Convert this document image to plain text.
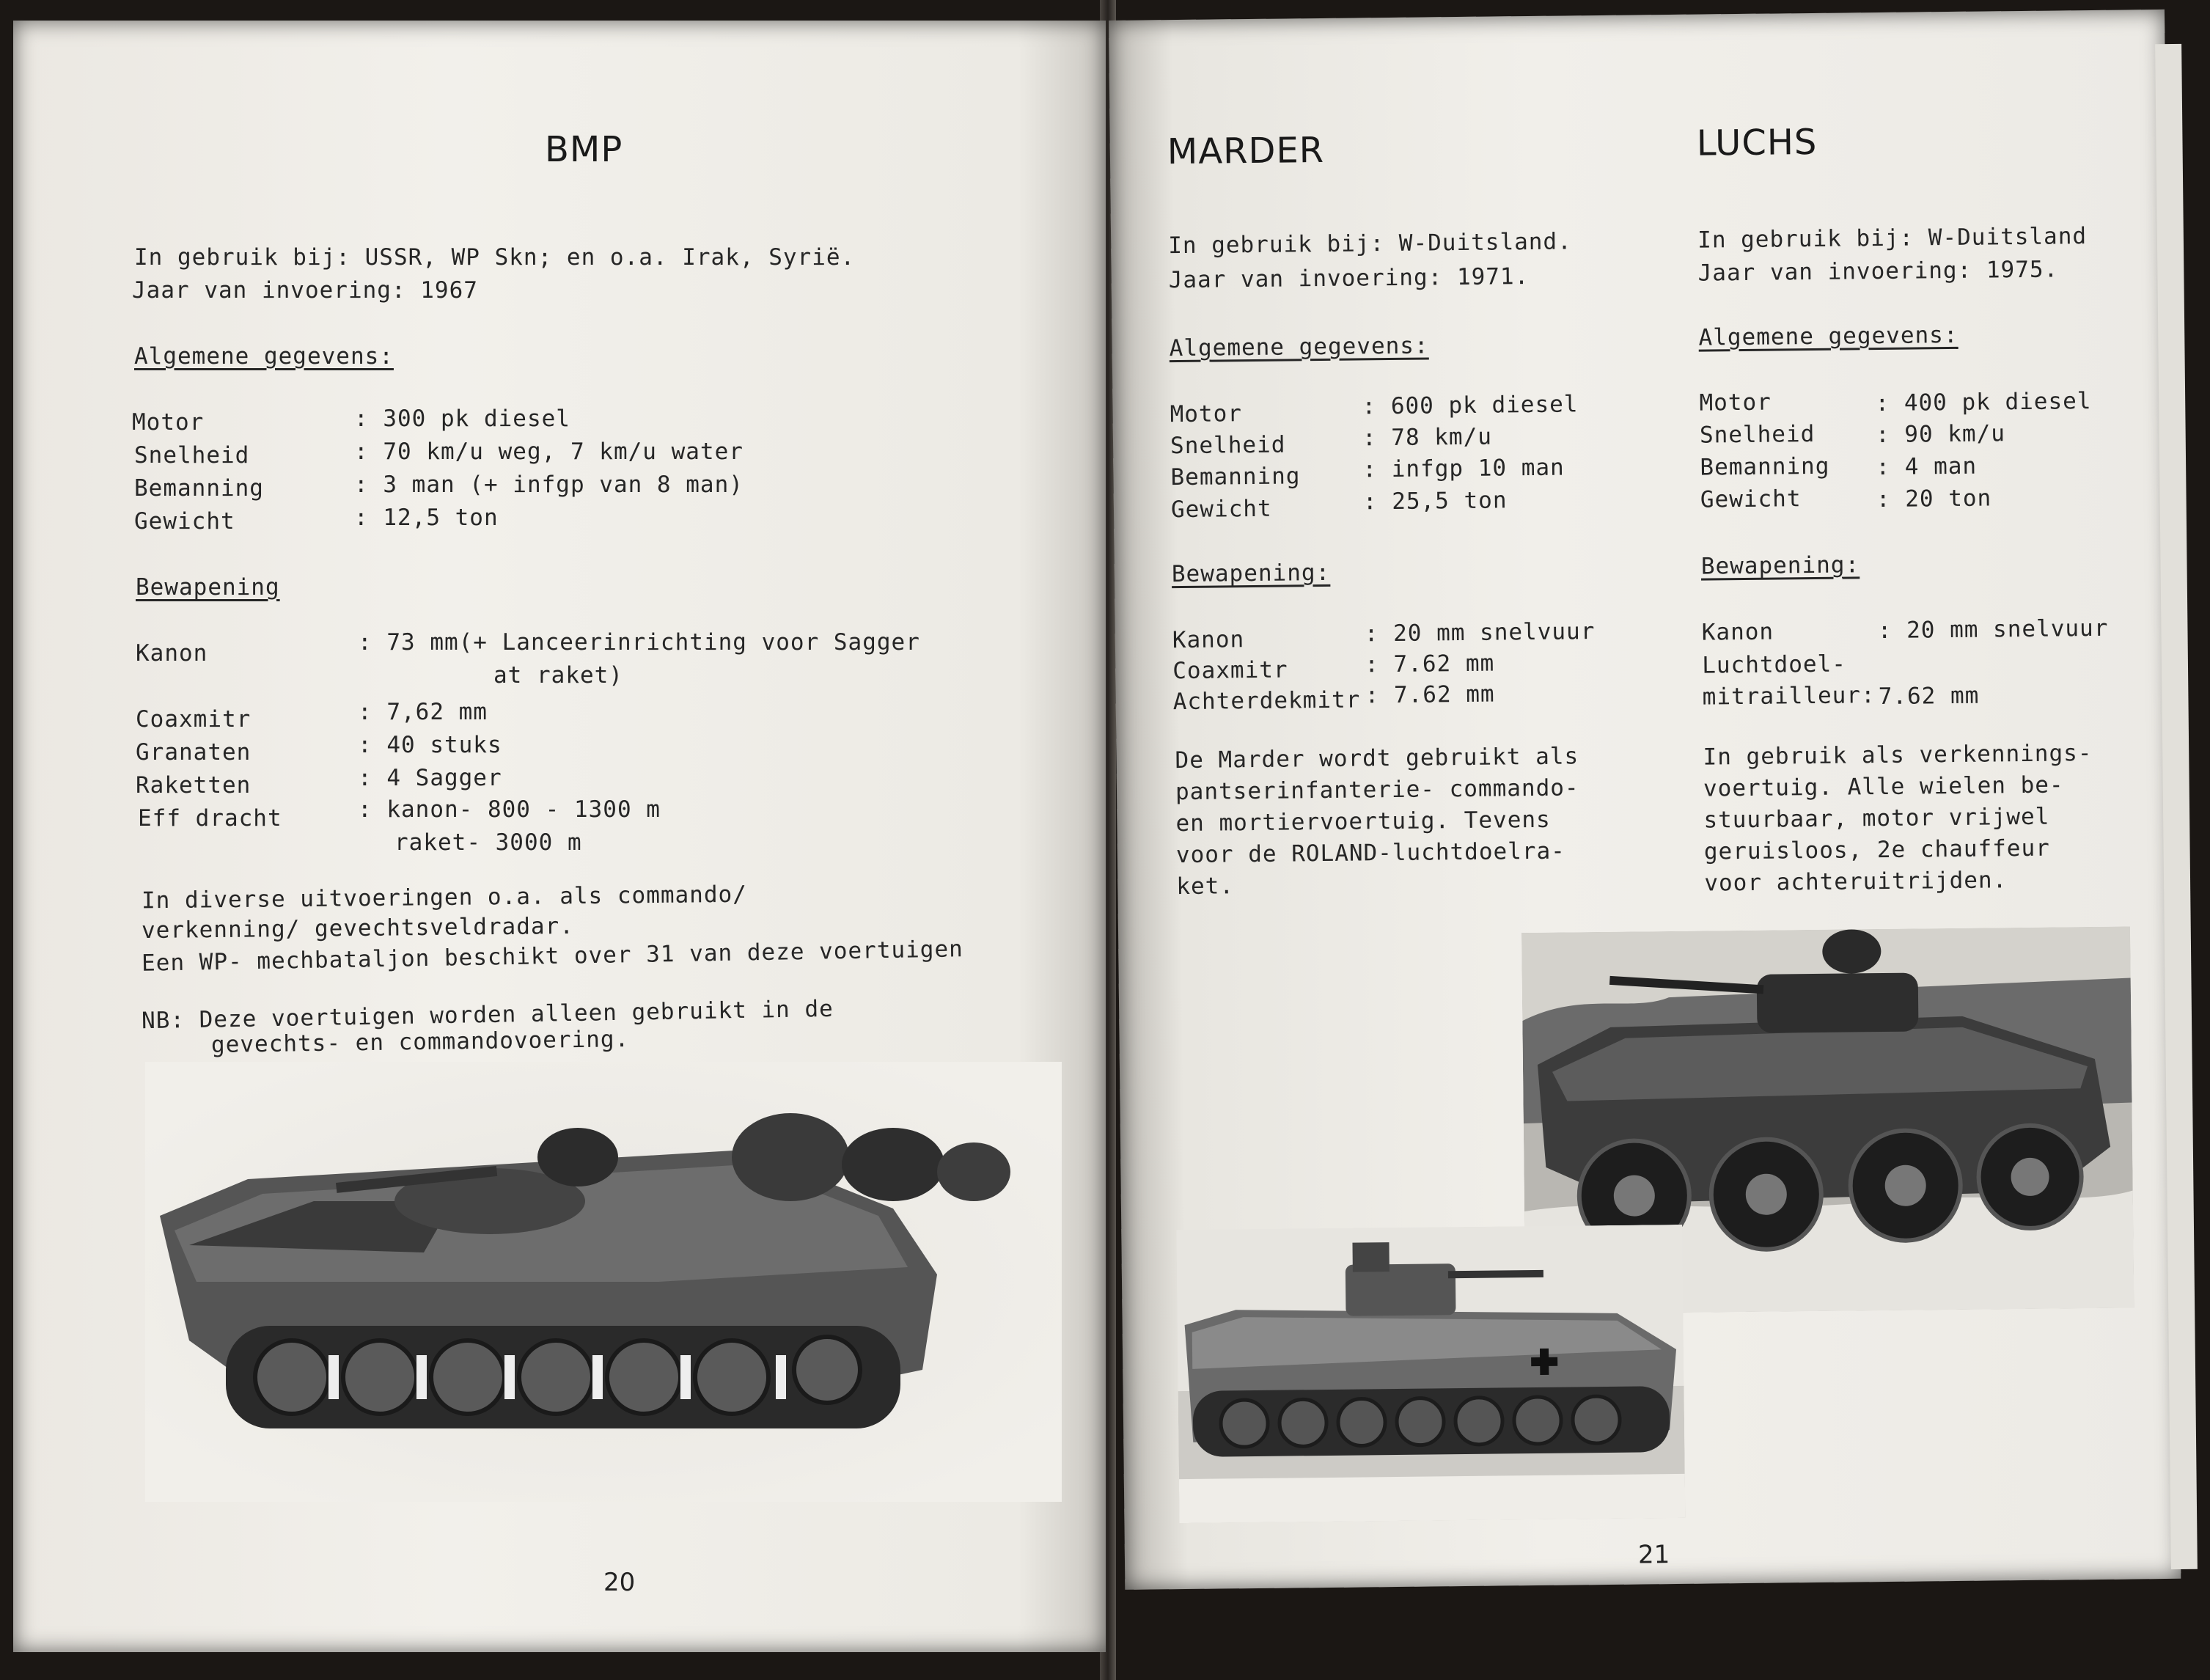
BMP
In gebruik bij: USSR, WP Skn; en o.a. Irak, Syrië.
Jaar van invoering: 1967
Algemene gegevens:
Motor	: 300 pk diesel
Snelheid	: 70 km/u weg, 7 km/u water
Bemanning	: 3 man (+ infgp van 8 man)
Gewicht	: 12,5 ton
Bewapening
Kanon	: 73 mm(+ Lanceerinrichting voor Sagger
at raket)
Coaxmitr	: 7,62 mm
Granaten	: 40 stuks
Raketten	: 4 Sagger
Eff dracht	: kanon- 800 - 1300 m
raket- 3000 m
In diverse uitvoeringen o.a. als commando/
verkenning/ gevechtsveldradar.
Een WP- mechbataljon beschikt over 31 van deze voertuigen
NB: Deze voertuigen worden alleen gebruikt in de
gevechts- en commandovoering.
20
MARDER
In gebruik bij: W-Duitsland.
Jaar van invoering: 1971.
Algemene gegevens:
Motor	: 600 pk diesel
Snelheid	: 78 km/u
Bemanning	: infgp 10 man
Gewicht	: 25,5 ton
Bewapening:
Kanon	: 20 mm snelvuur
Coaxmitr	: 7.62 mm
Achterdekmitr : 7.62 mm
De Marder wordt gebruikt als
pantserinfanterie- commando-
en mortiervoertuig. Tevens
voor de ROLAND-luchtdoelra-
ket.
LUCHS
In gebruik bij: W-Duitsland
Jaar van invoering: 1975.
Algemene gegevens:
Motor	: 400 pk diesel
Snelheid	: 90 km/u
Bemanning : 4 man
Gewicht	: 20 ton
Bewapening:
Kanon	: 20 mm snelvuur
Luchtdoel-
mitrailleur: 7.62 mm
In gebruik als verkennings-
voertuig. Alle wielen be-
stuurbaar, motor vrijwel
geruisloos, 2e chauffeur
voor achteruitrijden.
21
